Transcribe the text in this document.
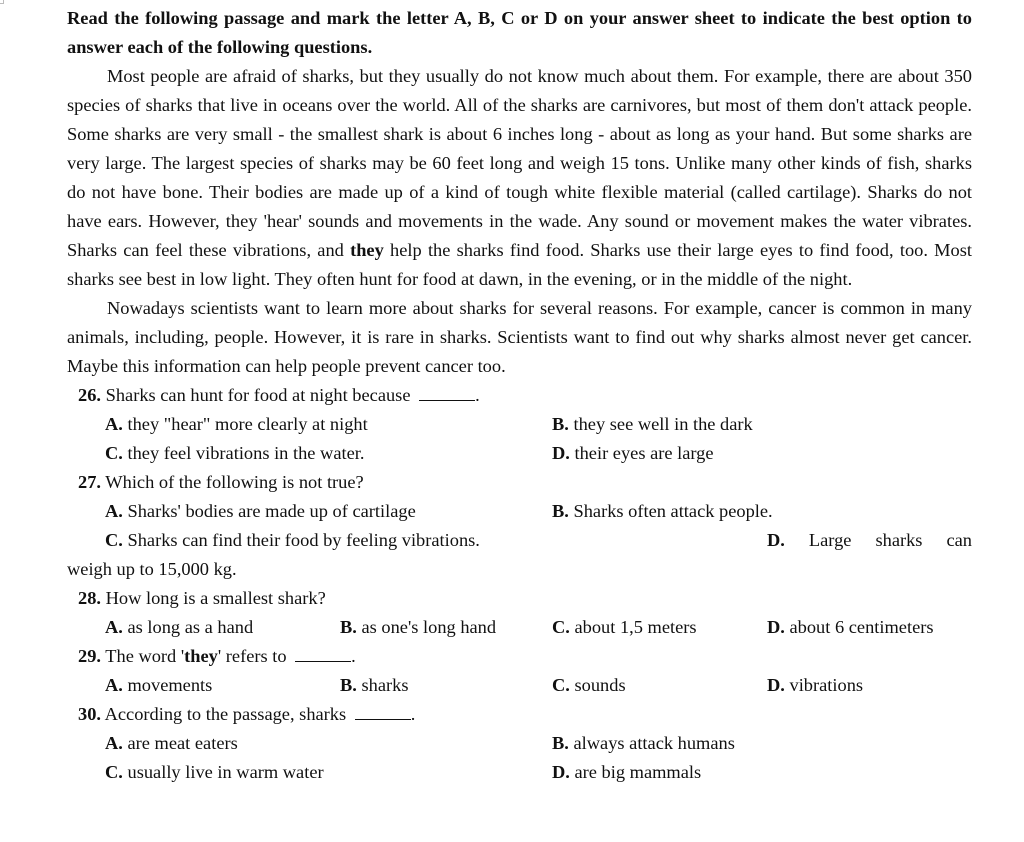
Read the following passage and mark the letter A, B, C or D on your answer sheet to indicate the best option to answer each of the following questions.
Most people are afraid of sharks, but they usually do not know much about them. For example, there are about 350 species of sharks that live in oceans over the world. All of the sharks are carnivores, but most of them don't attack people. Some sharks are very small - the smallest shark is about 6 inches long - about as long as your hand. But some sharks are very large. The largest species of sharks may be 60 feet long and weigh 15 tons. Unlike many other kinds of fish, sharks do not have bone. Their bodies are made up of a kind of tough white flexible material (called cartilage). Sharks do not have ears. However, they 'hear' sounds and movements in the wade. Any sound or movement makes the water vibrates. Sharks can feel these vibrations, and they help the sharks find food. Sharks use their large eyes to find food, too. Most sharks see best in low light. They often hunt for food at dawn, in the evening, or in the middle of the night.
Nowadays scientists want to learn more about sharks for several reasons. For example, cancer is common in many animals, including, people. However, it is rare in sharks. Scientists want to find out why sharks almost never get cancer. Maybe this information can help people prevent cancer too.
26. Sharks can hunt for food at night because	.
A. they "hear" more clearly at night	B. they see well in the dark
C. they feel vibrations in the water.	D. their eyes are large
27. Which of the following is not true?
A. Sharks' bodies are made up of cartilage	B. Sharks often attack people.
C. Sharks can find their food by feeling vibrations.	D. Large sharks can
weigh up to 15,000 kg.
28. How long is a smallest shark?
A. as long as a hand	B. as one's long hand	C. about 1,5 meters	D. about 6 centimeters
29. The word 'they' refers to	.
A. movements	B. sharks	C. sounds	D. vibrations
30. According to the passage, sharks	.
A. are meat eaters	B. always attack humans
C. usually live in warm water	D. are big mammals
